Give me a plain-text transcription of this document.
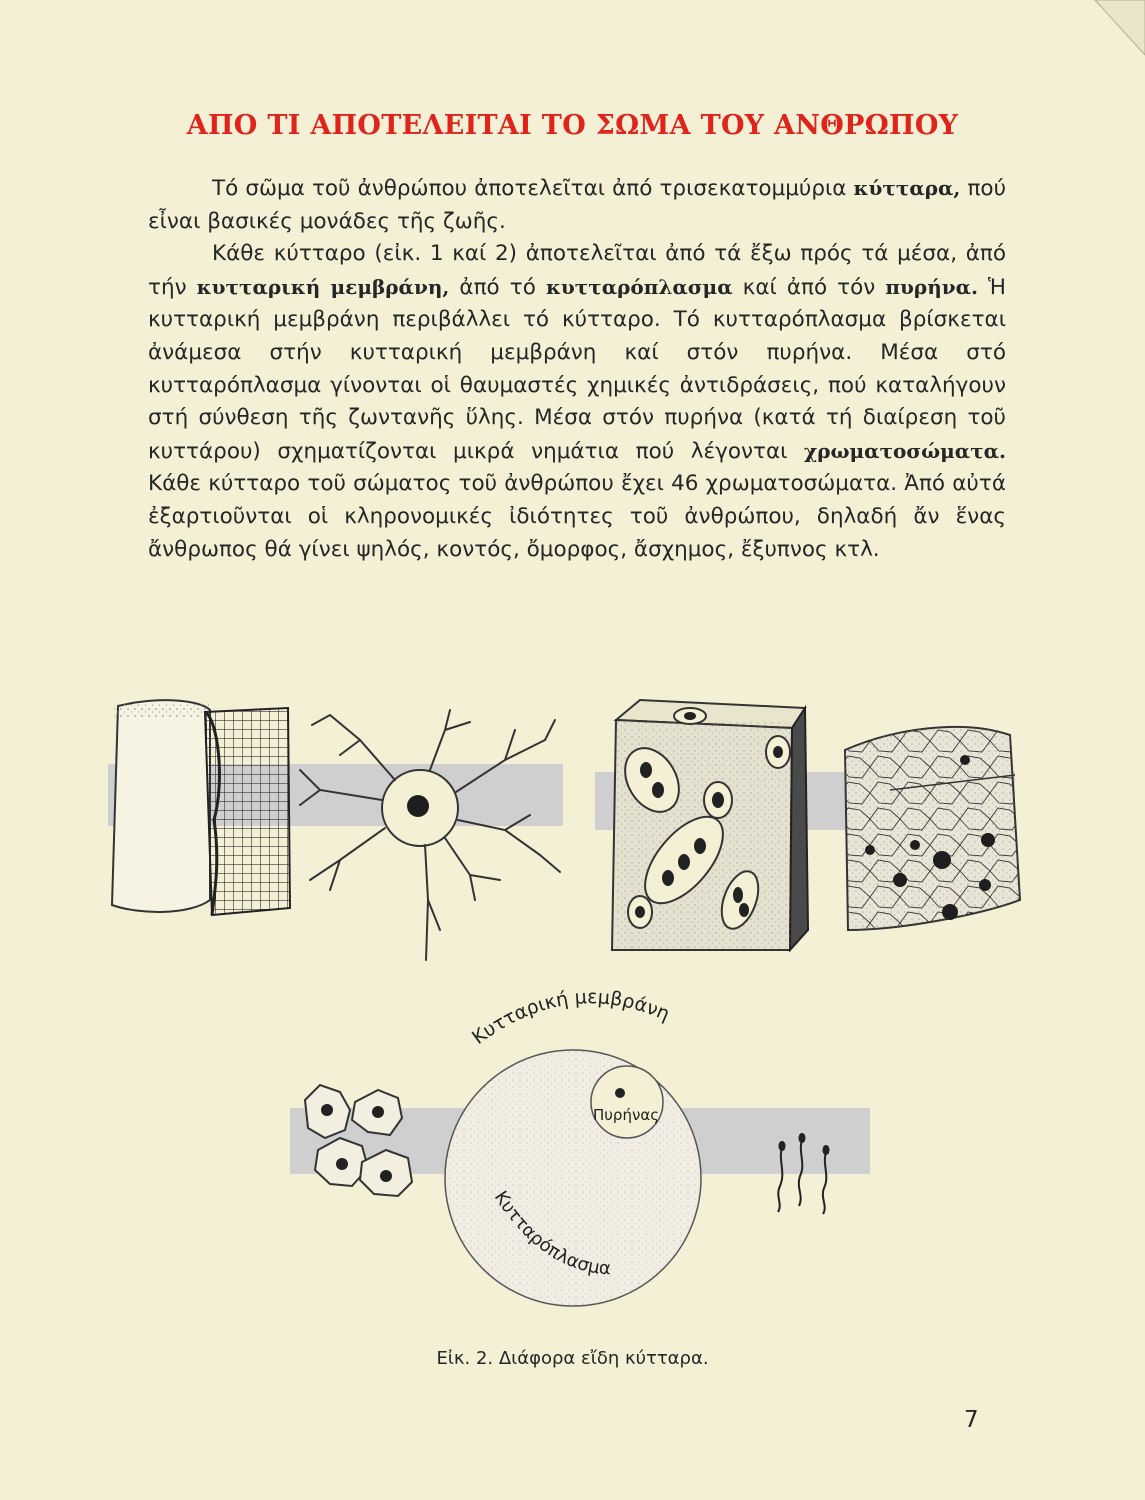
ΑΠΟ ΤΙ ΑΠΟΤΕΛΕΙΤΑΙ ΤΟ ΣΩΜΑ ΤΟΥ ΑΝΘΡΩΠΟΥ

Τό σῶμα τοῦ ἀνθρώπου ἀποτελεῖται ἀπό τρισεκατομμύρια κύτταρα, πού εἶναι βασικές μονάδες τῆς ζωῆς.

Κάθε κύτταρο (εἰκ. 1 καί 2) ἀποτελεῖται ἀπό τά ἔξω πρός τά μέσα, ἀπό τήν κυτταρική μεμβράνη, ἀπό τό κυτταρόπλασμα καί ἀπό τόν πυρήνα. Ἡ κυτταρική μεμβράνη περιβάλλει τό κύτταρο. Τό κυτταρόπλασμα βρίσκεται ἀνάμεσα στήν κυτταρική μεμβράνη καί στόν πυρήνα. Μέσα στό κυτταρόπλασμα γίνονται οἱ θαυμαστές χημικές ἀντιδράσεις, πού καταλήγουν στή σύνθεση τῆς ζωντανῆς ὕλης. Μέσα στόν πυρήνα (κατά τή διαίρεση τοῦ κυττάρου) σχηματίζονται μικρά νημάτια πού λέγονται χρωματοσώματα. Κάθε κύτταρο τοῦ σώματος τοῦ ἀνθρώπου ἔχει 46 χρωματοσώματα. Ἀπό αὐτά ἐξαρτιοῦνται οἱ κληρονομικές ἰδιότητες τοῦ ἀνθρώπου, δηλαδή ἄν ἕνας ἄνθρωπος θά γίνει ψηλός, κοντός, ὄμορφος, ἄσχημος, ἔξυπνος κτλ.

Κυτταρική μεμβράνη
Κυτταρόπλασμα
Πυρήνας
Εἰκ. 2. Διάφορα εἴδη κύτταρα.
7
